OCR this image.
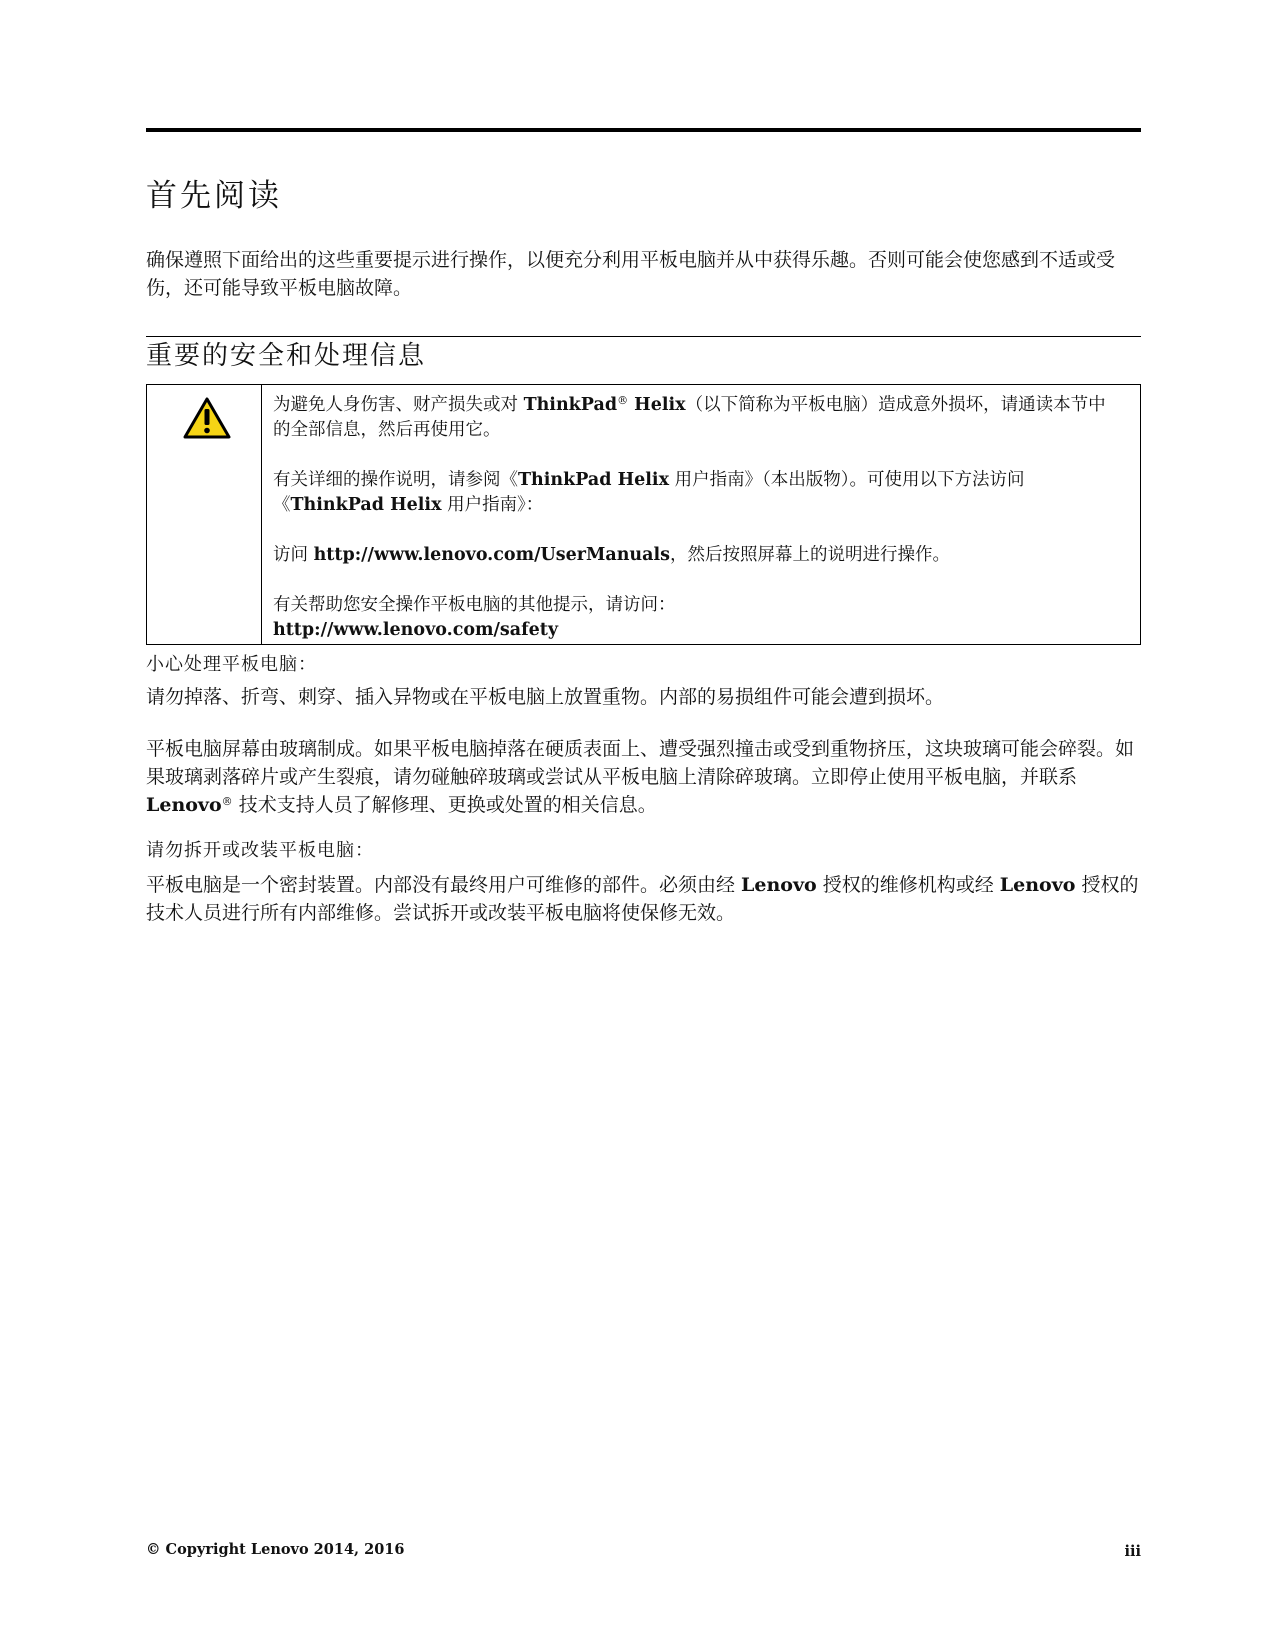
首先阅读

确保遵照下面给出的这些重要提示进行操作，以便充分利用平板电脑并从中获得乐趣。否则可能会使您感到不适或受伤，还可能导致平板电脑故障。

重要的安全和处理信息

为避免人身伤害、财产损失或对 ThinkPad® Helix（以下简称为平板电脑）造成意外损坏，请通读本节中的全部信息，然后再使用它。

有关详细的操作说明，请参阅《ThinkPad Helix 用户指南》（本出版物）。可使用以下方法访问《ThinkPad Helix 用户指南》：

访问 http://www.lenovo.com/UserManuals，然后按照屏幕上的说明进行操作。

有关帮助您安全操作平板电脑的其他提示，请访问：
http://www.lenovo.com/safety

小心处理平板电脑：

请勿掉落、折弯、刺穿、插入异物或在平板电脑上放置重物。内部的易损组件可能会遭到损坏。

平板电脑屏幕由玻璃制成。如果平板电脑掉落在硬质表面上、遭受强烈撞击或受到重物挤压，这块玻璃可能会碎裂。如果玻璃剥落碎片或产生裂痕，请勿碰触碎玻璃或尝试从平板电脑上清除碎玻璃。立即停止使用平板电脑，并联系 Lenovo® 技术支持人员了解修理、更换或处置的相关信息。

请勿拆开或改装平板电脑：

平板电脑是一个密封装置。内部没有最终用户可维修的部件。必须由经 Lenovo 授权的维修机构或经 Lenovo 授权的技术人员进行所有内部维修。尝试拆开或改装平板电脑将使保修无效。

© Copyright Lenovo 2014, 2016	iii
